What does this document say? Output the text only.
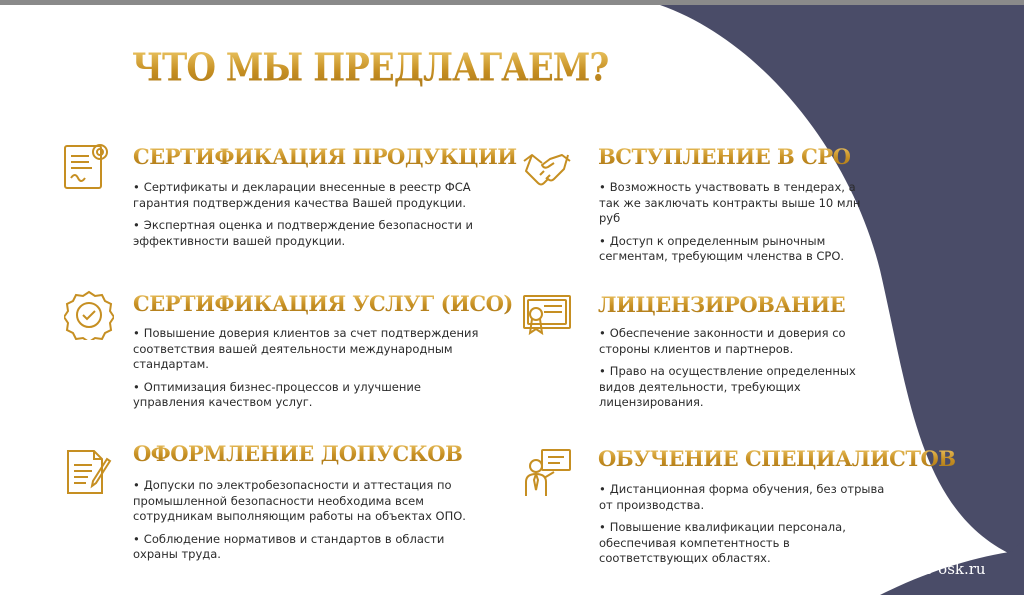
ЧТО МЫ ПРЕДЛАГАЕМ?
СЕРТИФИКАЦИЯ ПРОДУКЦИИ
• Сертификаты и декларации внесенные в реестр ФСА гарантия подтверждения качества Вашей продукции.
• Экспертная оценка и подтверждение безопасности и эффективности вашей продукции.
ВСТУПЛЕНИЕ В СРО
• Возможность участвовать в тендерах, а так же заключать контракты выше 10 млн руб
• Доступ к определенным рыночным сегментам, требующим членства в СРО.
СЕРТИФИКАЦИЯ УСЛУГ (ИСО)
• Повышение доверия клиентов за счет подтверждения соответствия вашей деятельности международным стандартам.
• Оптимизация бизнес-процессов и улучшение управления качеством услуг.
ЛИЦЕНЗИРОВАНИЕ
• Обеспечение законности и доверия со стороны клиентов и партнеров.
• Право на осуществление определенных видов деятельности, требующих лицензирования.
ОФОРМЛЕНИЕ ДОПУСКОВ
• Допуски по электробезопасности и аттестация по промышленной безопасности необходима всем сотрудникам выполняющим работы на объектах ОПО.
• Соблюдение нормативов и стандартов в области охраны труда.
ОБУЧЕНИЕ СПЕЦИАЛИСТОВ
• Дистанционная форма обучения, без отрыва от производства.
• Повышение квалификации персонала, обеспечивая компетентность в соответствующих областях.
ooo-osk.ru
